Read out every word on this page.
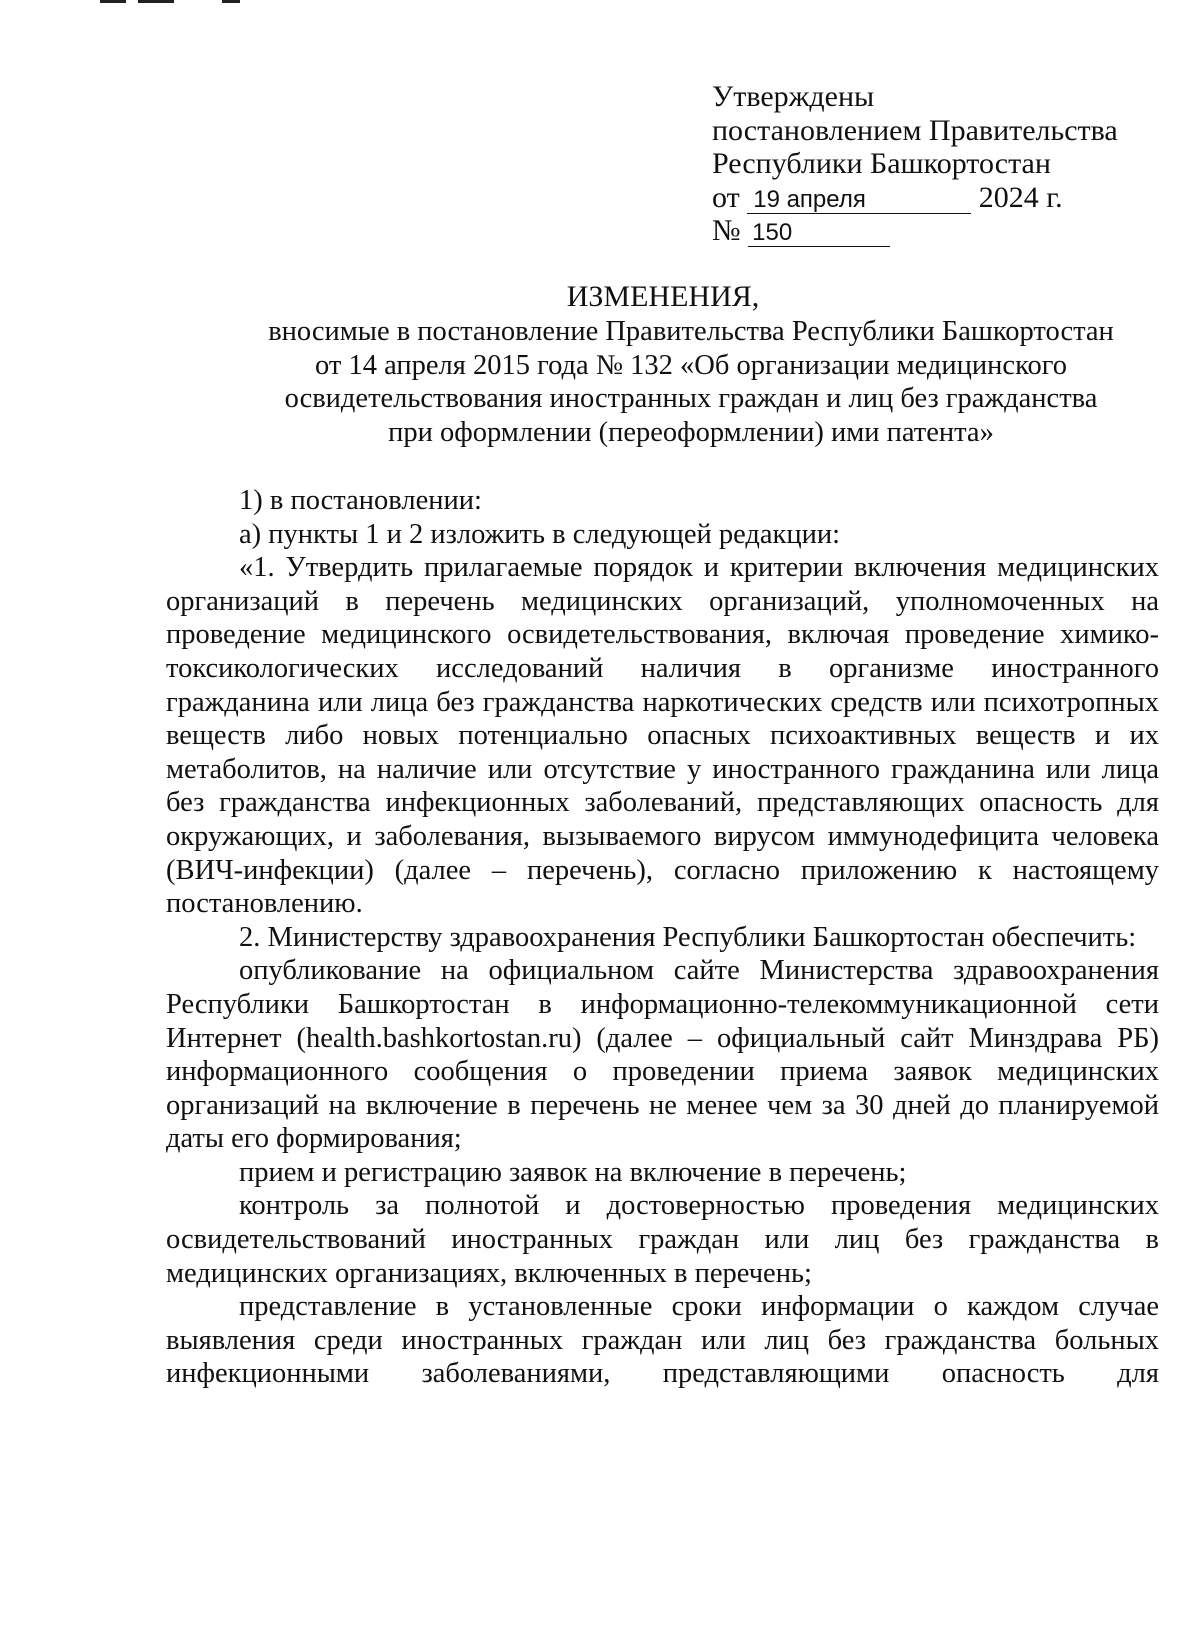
Утверждены
постановлением Правительства
Республики Башкортостан
от 19 апреля	2024 г.
№ 150
ИЗМЕНЕНИЯ,
вносимые в постановление Правительства Республики Башкортостан
от 14 апреля 2015 года № 132 «Об организации медицинского
освидетельствования иностранных граждан и лиц без гражданства
при оформлении (переоформлении) ими патента»

1) в постановлении:

а) пункты 1 и 2 изложить в следующей редакции:

«1. Утвердить прилагаемые порядок и критерии включения медицинских организаций в перечень медицинских организаций, уполномоченных на проведение медицинского освидетельствования, включая проведение химико-токсикологических исследований наличия в организме иностранного гражданина или лица без гражданства наркотических средств или психотропных веществ либо новых потенциально опасных психоактивных веществ и их метаболитов, на наличие или отсутствие у иностранного гражданина или лица без гражданства инфекционных заболеваний, представляющих опасность для окружающих, и заболевания, вызываемого вирусом иммунодефицита человека (ВИЧ-инфекции) (далее – перечень), согласно приложению к настоящему постановлению.

2. Министерству здравоохранения Республики Башкортостан обеспечить:

опубликование на официальном сайте Министерства здравоохранения Республики Башкортостан в информационно-телекоммуникационной сети Интернет (health.bashkortostan.ru) (далее – официальный сайт Минздрава РБ) информационного сообщения о проведении приема заявок медицинских организаций на включение в перечень не менее чем за 30 дней до планируемой даты его формирования;

прием и регистрацию заявок на включение в перечень;

контроль за полнотой и достоверностью проведения медицинских освидетельствований иностранных граждан или лиц без гражданства в медицинских организациях, включенных в перечень;

представление в установленные сроки информации о каждом случае выявления среди иностранных граждан или лиц без гражданства больных инфекционными заболеваниями, представляющими опасность для
